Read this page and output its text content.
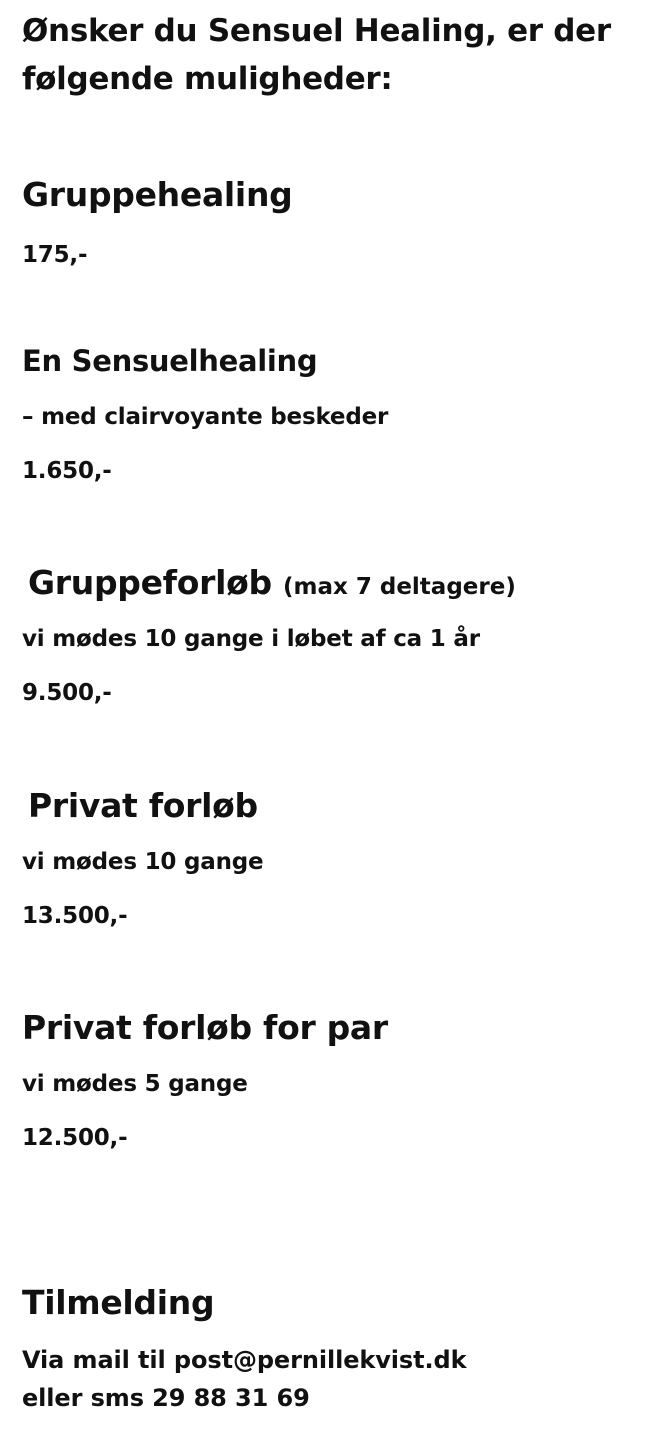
Ønsker du Sensuel Healing, er der
følgende muligheder:
Gruppehealing
175,-
En Sensuelhealing
– med clairvoyante beskeder
1.650,-
Gruppeforløb (max 7 deltagere)
vi mødes 10 gange i løbet af ca 1 år
9.500,-
Privat forløb
vi mødes 10 gange
13.500,-
Privat forløb for par
vi mødes 5 gange
12.500,-
Tilmelding
Via mail til post@pernillekvist.dk
eller sms 29 88 31 69
